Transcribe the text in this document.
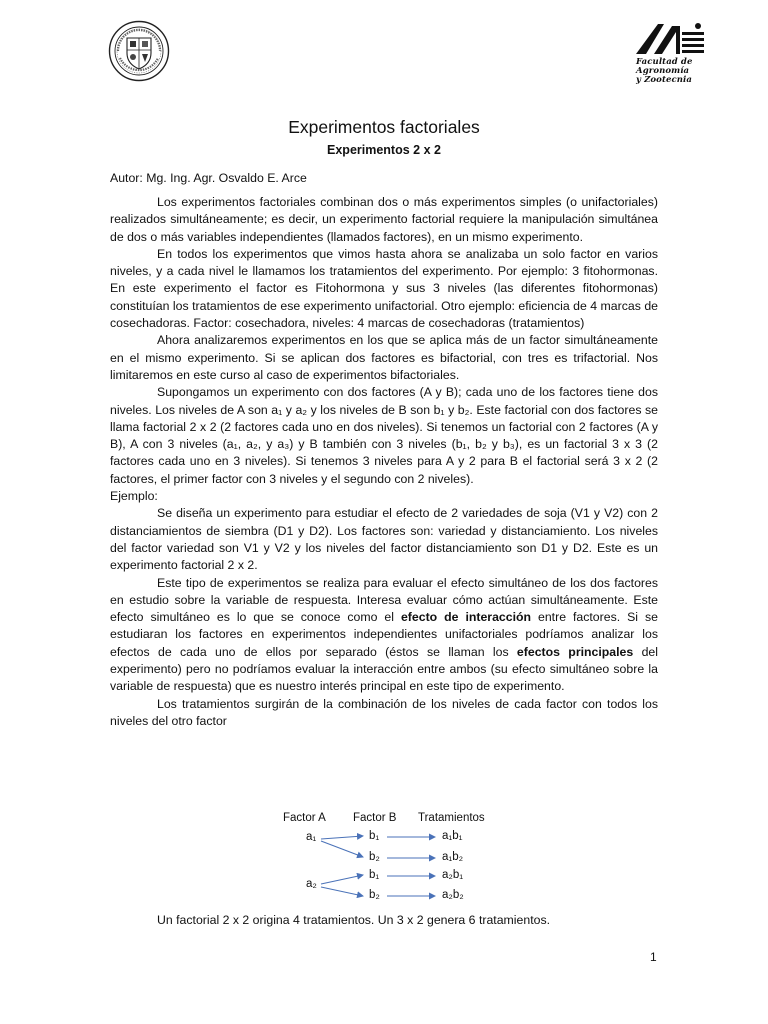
Facultad de
Agronomía
y Zootecnia
Experimentos factoriales
Experimentos 2 x 2
Autor: Mg. Ing. Agr. Osvaldo E. Arce

Los experimentos factoriales combinan dos o más experimentos simples (o unifactoriales) realizados simultáneamente; es decir, un experimento factorial requiere la manipulación simultánea de dos o más variables independientes (llamados factores), en un mismo experimento.

En todos los experimentos que vimos hasta ahora se analizaba un solo factor en varios niveles, y a cada nivel le llamamos los tratamientos del experimento. Por ejemplo: 3 fitohormonas. En este experimento el factor es Fitohormona y sus 3 niveles (las diferentes fitohormonas) constituían los tratamientos de ese experimento unifactorial. Otro ejemplo: eficiencia de 4 marcas de cosechadoras. Factor: cosechadora, niveles: 4 marcas de cosechadoras (tratamientos)

Ahora analizaremos experimentos en los que se aplica más de un factor simultáneamente en el mismo experimento. Si se aplican dos factores es bifactorial, con tres es trifactorial. Nos limitaremos en este curso al caso de experimentos bifactoriales.

Supongamos un experimento con dos factores (A y B); cada uno de los factores tiene dos niveles. Los niveles de A son a₁ y a₂ y los niveles de B son b₁ y b₂. Este factorial con dos factores se llama factorial 2 x 2 (2 factores cada uno en dos niveles). Si tenemos un factorial con 2 factores (A y B), A con 3 niveles (a₁, a₂, y a₃) y B también con 3 niveles (b₁, b₂ y b₃), es un factorial 3 x 3 (2 factores cada uno en 3 niveles). Si tenemos 3 niveles para A y 2 para B el factorial será 3 x 2 (2 factores, el primer factor con 3 niveles y el segundo con 2 niveles).

Ejemplo:

Se diseña un experimento para estudiar el efecto de 2 variedades de soja (V1 y V2) con 2 distanciamientos de siembra (D1 y D2). Los factores son: variedad y distanciamiento. Los niveles del factor variedad son V1 y V2 y los niveles del factor distanciamiento son D1 y D2. Este es un experimento factorial 2 x 2.

Este tipo de experimentos se realiza para evaluar el efecto simultáneo de los dos factores en estudio sobre la variable de respuesta. Interesa evaluar cómo actúan simultáneamente. Este efecto simultáneo es lo que se conoce como el efecto de interacción entre factores. Si se estudiaran los factores en experimentos independientes unifactoriales podríamos analizar los efectos de cada uno de ellos por separado (éstos se llaman los efectos principales del experimento) pero no podríamos evaluar la interacción entre ambos (su efecto simultáneo sobre la variable de respuesta) que es nuestro interés principal en este tipo de experimento.

Los tratamientos surgirán de la combinación de los niveles de cada factor con todos los niveles del otro factor

Factor A Factor B Tratamientos
a₁
a₂
b₁
b₂
b₁
b₂
a₁b₁
a₁b₂
a₂b₁
a₂b₂
Un factorial 2 x 2 origina 4 tratamientos. Un 3 x 2 genera 6 tratamientos.
1
